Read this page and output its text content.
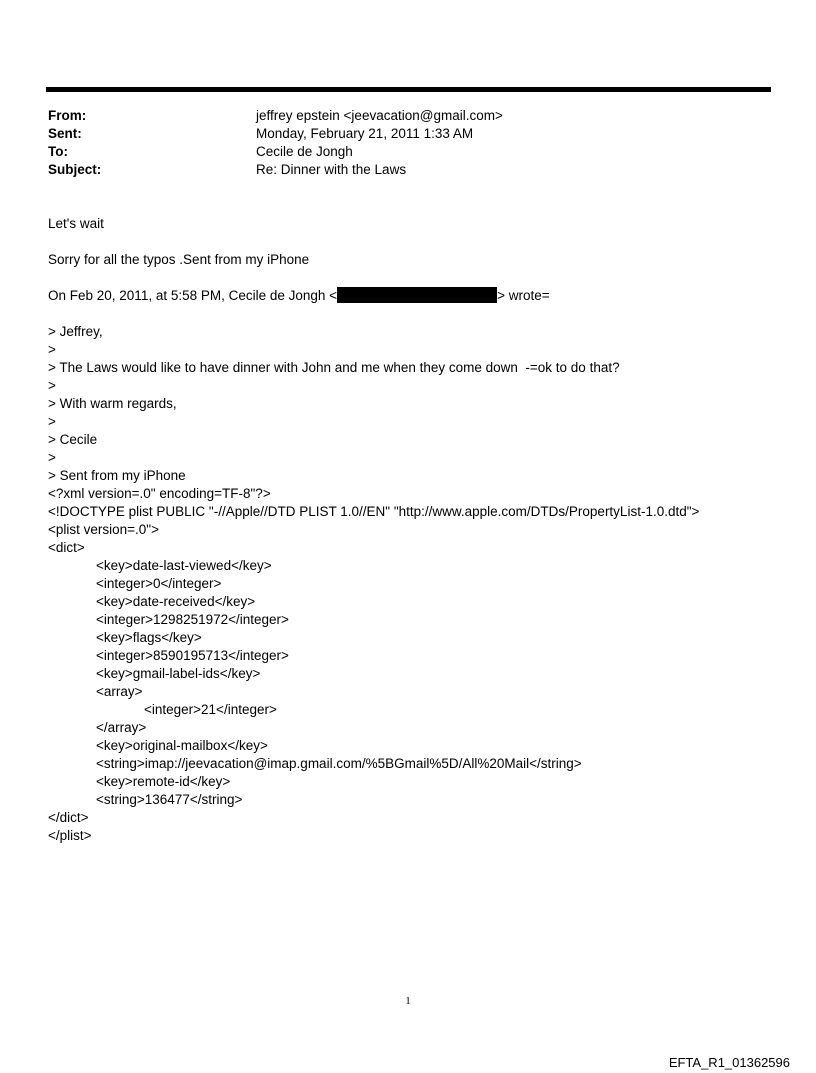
From:	jeffrey epstein <jeevacation@gmail.com>
Sent:	Monday, February 21, 2011 1:33 AM
To:	Cecile de Jongh
Subject:	Re: Dinner with the Laws
Let's wait
Sorry for all the typos .Sent from my iPhone
On Feb 20, 2011, at 5:58 PM, Cecile de Jongh <	> wrote=
> Jeffrey,
>
> The Laws would like to have dinner with John and me when they come down  -=ok to do that?
>
> With warm regards,
>
> Cecile
>
> Sent from my iPhone
<?xml version=.0" encoding=TF-8"?>
<!DOCTYPE plist PUBLIC "-//Apple//DTD PLIST 1.0//EN" "http://www.apple.com/DTDs/PropertyList-1.0.dtd">
<plist version=.0">
<dict>
<key>date-last-viewed</key>
<integer>0</integer>
<key>date-received</key>
<integer>1298251972</integer>
<key>flags</key>
<integer>8590195713</integer>
<key>gmail-label-ids</key>
<array>
<integer>21</integer>
</array>
<key>original-mailbox</key>
<string>imap://jeevacation@imap.gmail.com/%5BGmail%5D/All%20Mail</string>
<key>remote-id</key>
<string>136477</string>
</dict>
</plist>
1
EFTA_R1_01362596
